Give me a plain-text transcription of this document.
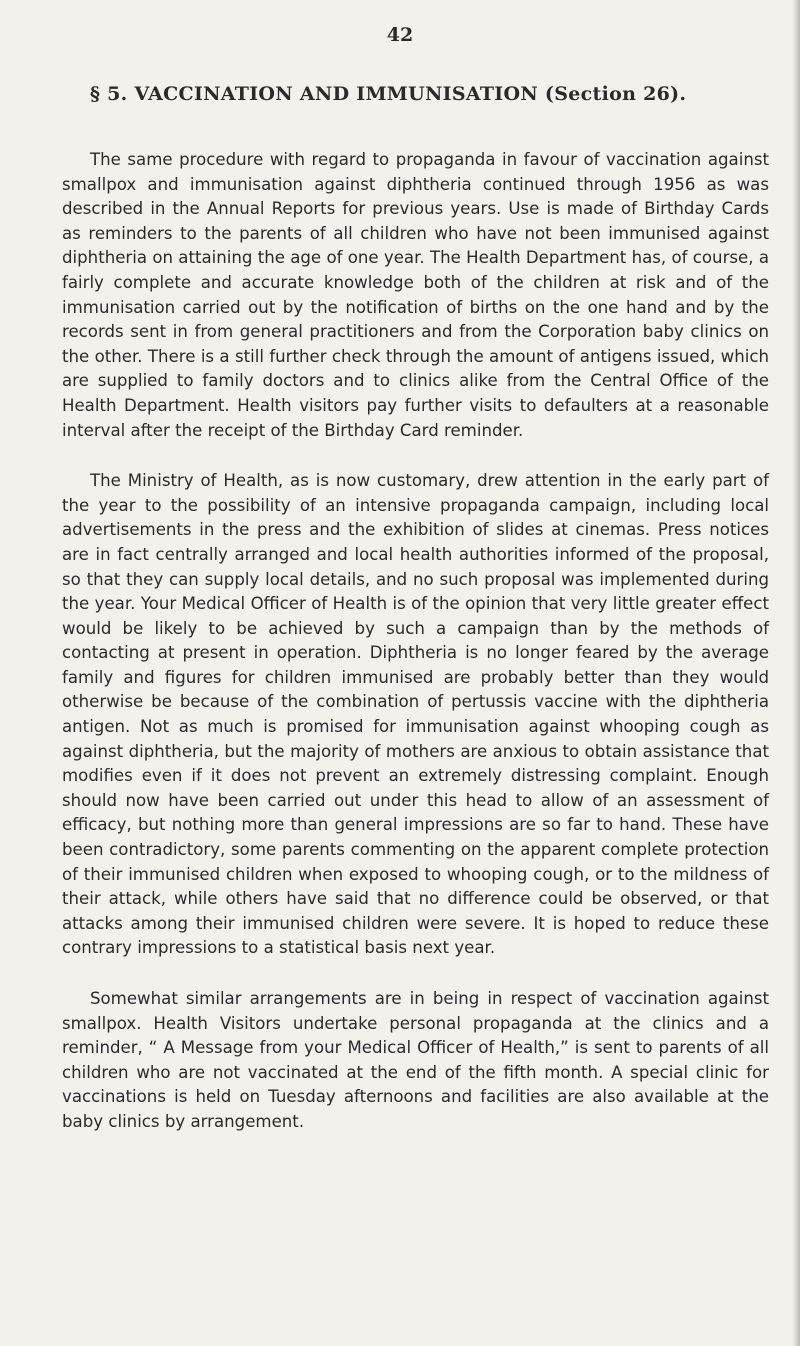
42
§ 5. VACCINATION AND IMMUNISATION (Section 26).

The same procedure with regard to propaganda in favour of vaccination against smallpox and immunisation against diphtheria continued through 1956 as was described in the Annual Reports for previous years. Use is made of Birthday Cards as reminders to the parents of all children who have not been immunised against diphtheria on attaining the age of one year. The Health Department has, of course, a fairly complete and accurate knowledge both of the children at risk and of the immunisation carried out by the notification of births on the one hand and by the records sent in from general practitioners and from the Corporation baby clinics on the other. There is a still further check through the amount of antigens issued, which are supplied to family doctors and to clinics alike from the Central Office of the Health Department. Health visitors pay further visits to defaulters at a reasonable interval after the receipt of the Birthday Card reminder.

The Ministry of Health, as is now customary, drew attention in the early part of the year to the possibility of an intensive propaganda campaign, including local advertisements in the press and the exhibition of slides at cinemas. Press notices are in fact centrally arranged and local health authorities informed of the proposal, so that they can supply local details, and no such proposal was implemented during the year. Your Medical Officer of Health is of the opinion that very little greater effect would be likely to be achieved by such a campaign than by the methods of contacting at present in operation. Diphtheria is no longer feared by the average family and figures for children immunised are probably better than they would otherwise be because of the combination of pertussis vaccine with the diphtheria antigen. Not as much is promised for immunisation against whooping cough as against diphtheria, but the majority of mothers are anxious to obtain assistance that modifies even if it does not prevent an extremely distressing complaint. Enough should now have been carried out under this head to allow of an assessment of efficacy, but nothing more than general impressions are so far to hand. These have been contradictory, some parents commenting on the apparent complete protection of their immunised children when exposed to whooping cough, or to the mildness of their attack, while others have said that no difference could be observed, or that attacks among their immunised children were severe. It is hoped to reduce these contrary impressions to a statistical basis next year.

Somewhat similar arrangements are in being in respect of vaccination against smallpox. Health Visitors undertake personal propaganda at the clinics and a reminder, “ A Message from your Medical Officer of Health,” is sent to parents of all children who are not vaccinated at the end of the fifth month. A special clinic for vaccinations is held on Tuesday afternoons and facilities are also available at the baby clinics by arrangement.
